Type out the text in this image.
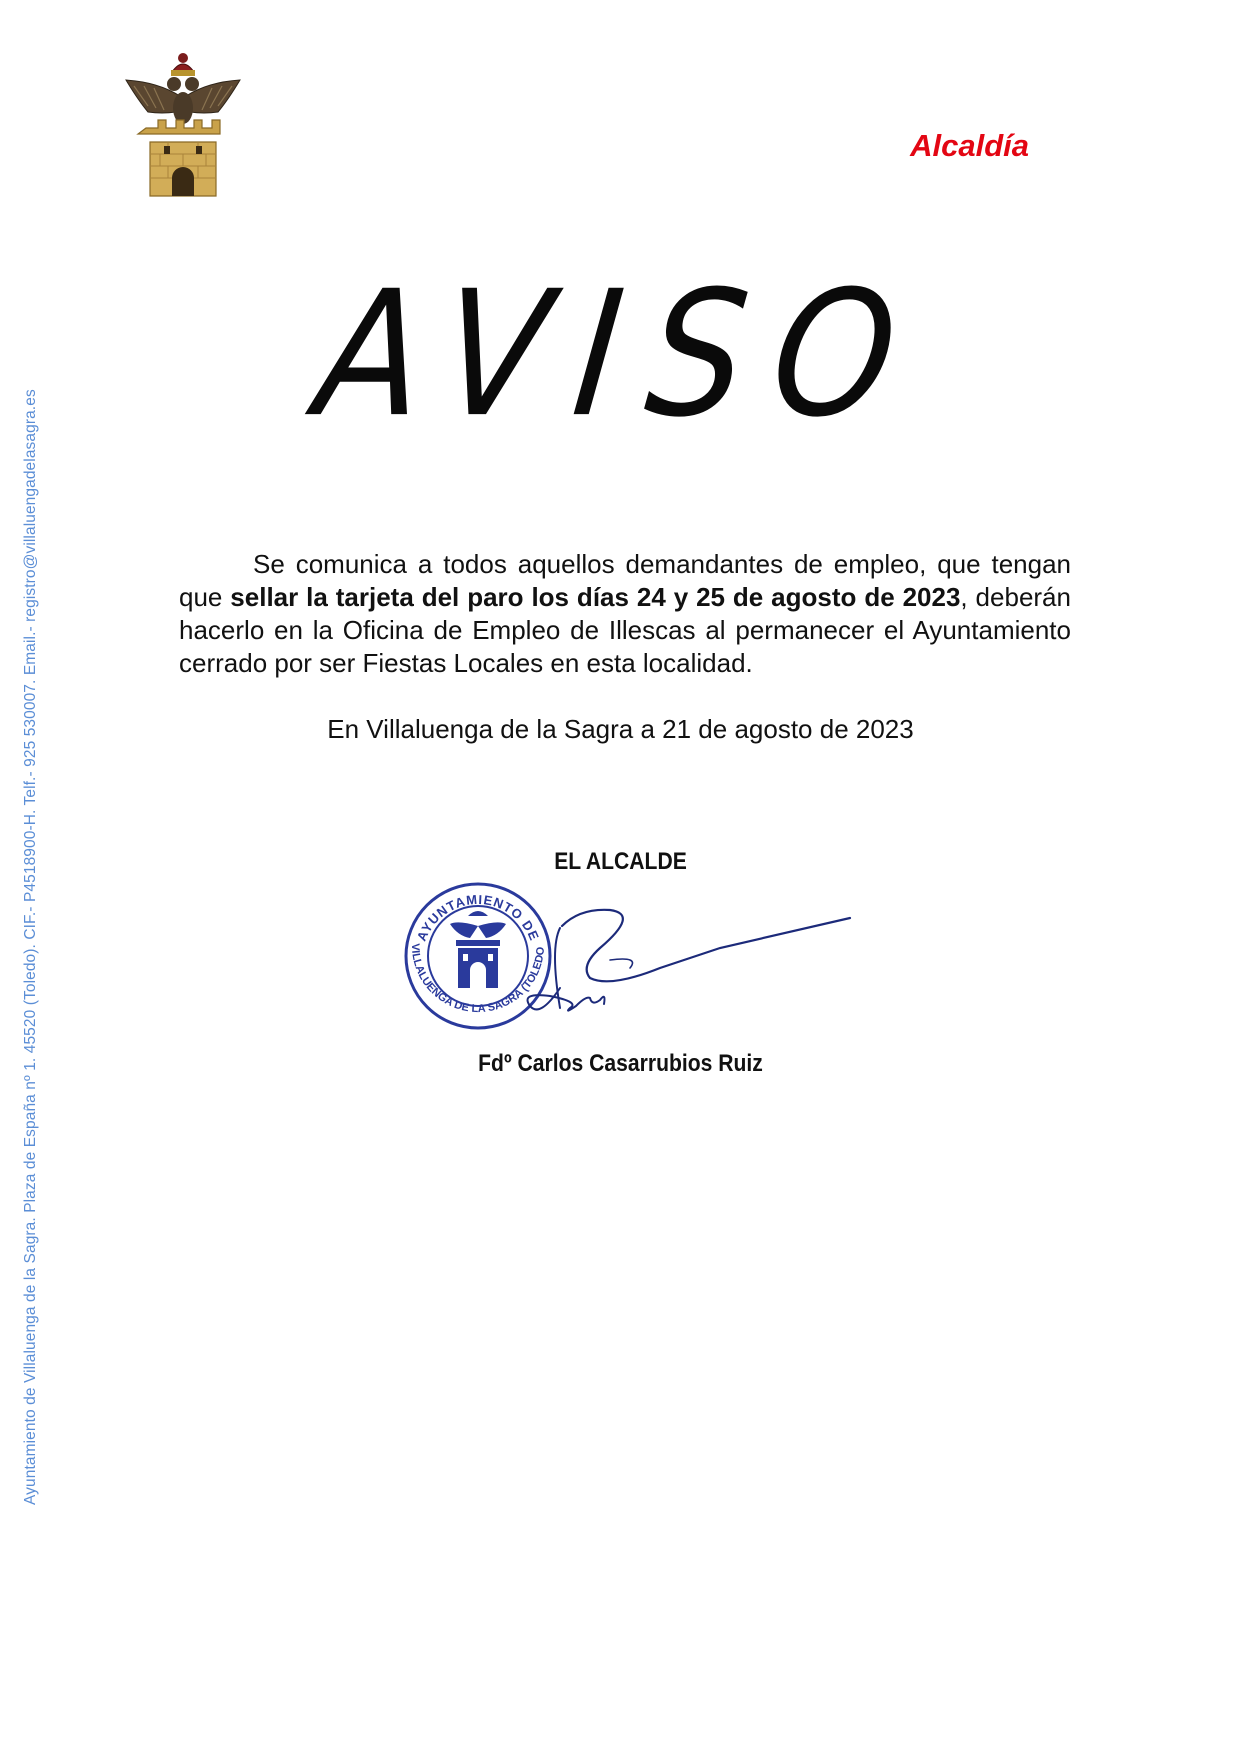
Alcaldía
AVISO
Se comunica a todos aquellos demandantes de empleo, que tengan que sellar la tarjeta del paro los días 24 y 25 de agosto de 2023, deberán hacerlo en la Oficina de Empleo de Illescas al permanecer el Ayuntamiento cerrado por ser Fiestas Locales en esta localidad.
En Villaluenga de la Sagra a 21 de agosto de 2023
EL ALCALDE
AYUNTAMIENTO DE
VILLALUENGA DE LA SAGRA (TOLEDO
Fdº Carlos Casarrubios Ruiz
Ayuntamiento de Villaluenga de la Sagra. Plaza de España nº 1. 45520 (Toledo). CIF.- P4518900-H. Telf.- 925 530007. Email.- registro@villaluengadelasagra.es
